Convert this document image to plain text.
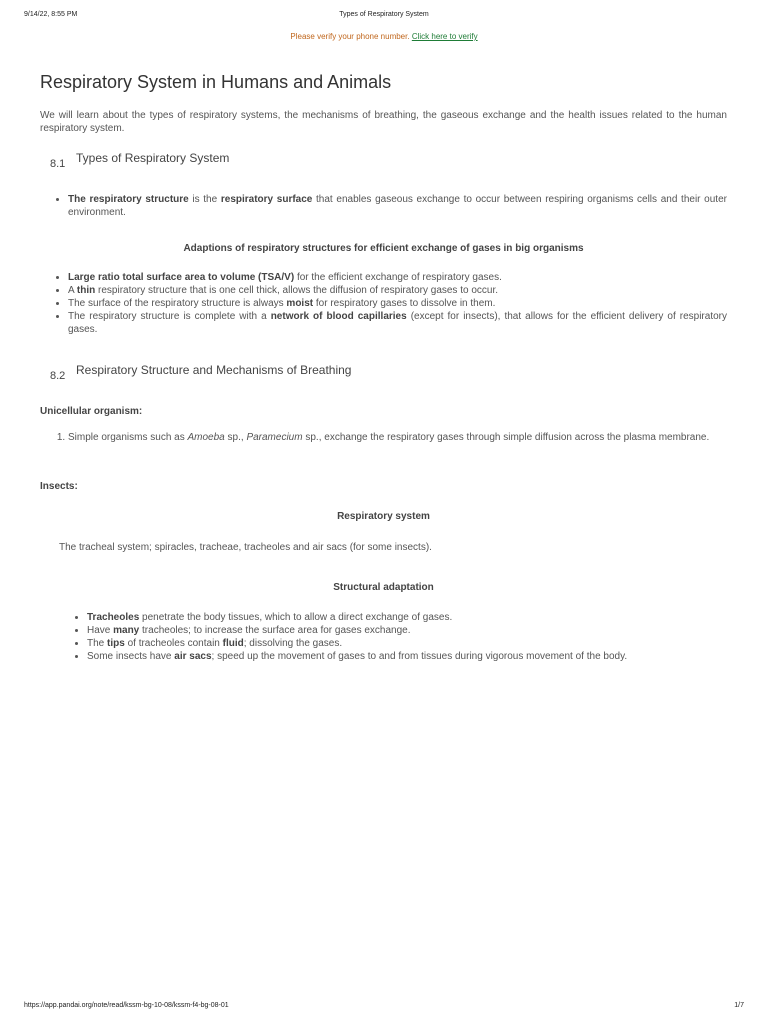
9/14/22, 8:55 PM	Types of Respiratory System
Please verify your phone number. Click here to verify
Respiratory System in Humans and Animals
We will learn about the types of respiratory systems, the mechanisms of breathing, the gaseous exchange and the health issues related to the human respiratory system.
8.1 Types of Respiratory System
• The respiratory structure is the respiratory surface that enables gaseous exchange to occur between respiring organisms cells and their outer environment.
Adaptions of respiratory structures for efficient exchange of gases in big organisms
• Large ratio total surface area to volume (TSA/V) for the efficient exchange of respiratory gases.
• A thin respiratory structure that is one cell thick, allows the diffusion of respiratory gases to occur.
• The surface of the respiratory structure is always moist for respiratory gases to dissolve in them.
• The respiratory structure is complete with a network of blood capillaries (except for insects), that allows for the efficient delivery of respiratory gases.
8.2 Respiratory Structure and Mechanisms of Breathing
Unicellular organism:
1. Simple organisms such as Amoeba sp., Paramecium sp., exchange the respiratory gases through simple diffusion across the plasma membrane.
Insects:
Respiratory system
The tracheal system; spiracles, tracheae, tracheoles and air sacs (for some insects).
Structural adaptation
• Tracheoles penetrate the body tissues, which to allow a direct exchange of gases.
• Have many tracheoles; to increase the surface area for gases exchange.
• The tips of tracheoles contain fluid; dissolving the gases.
• Some insects have air sacs; speed up the movement of gases to and from tissues during vigorous movement of the body.
https://app.pandai.org/note/read/kssm-bg-10-08/kssm-f4-bg-08-01	1/7
